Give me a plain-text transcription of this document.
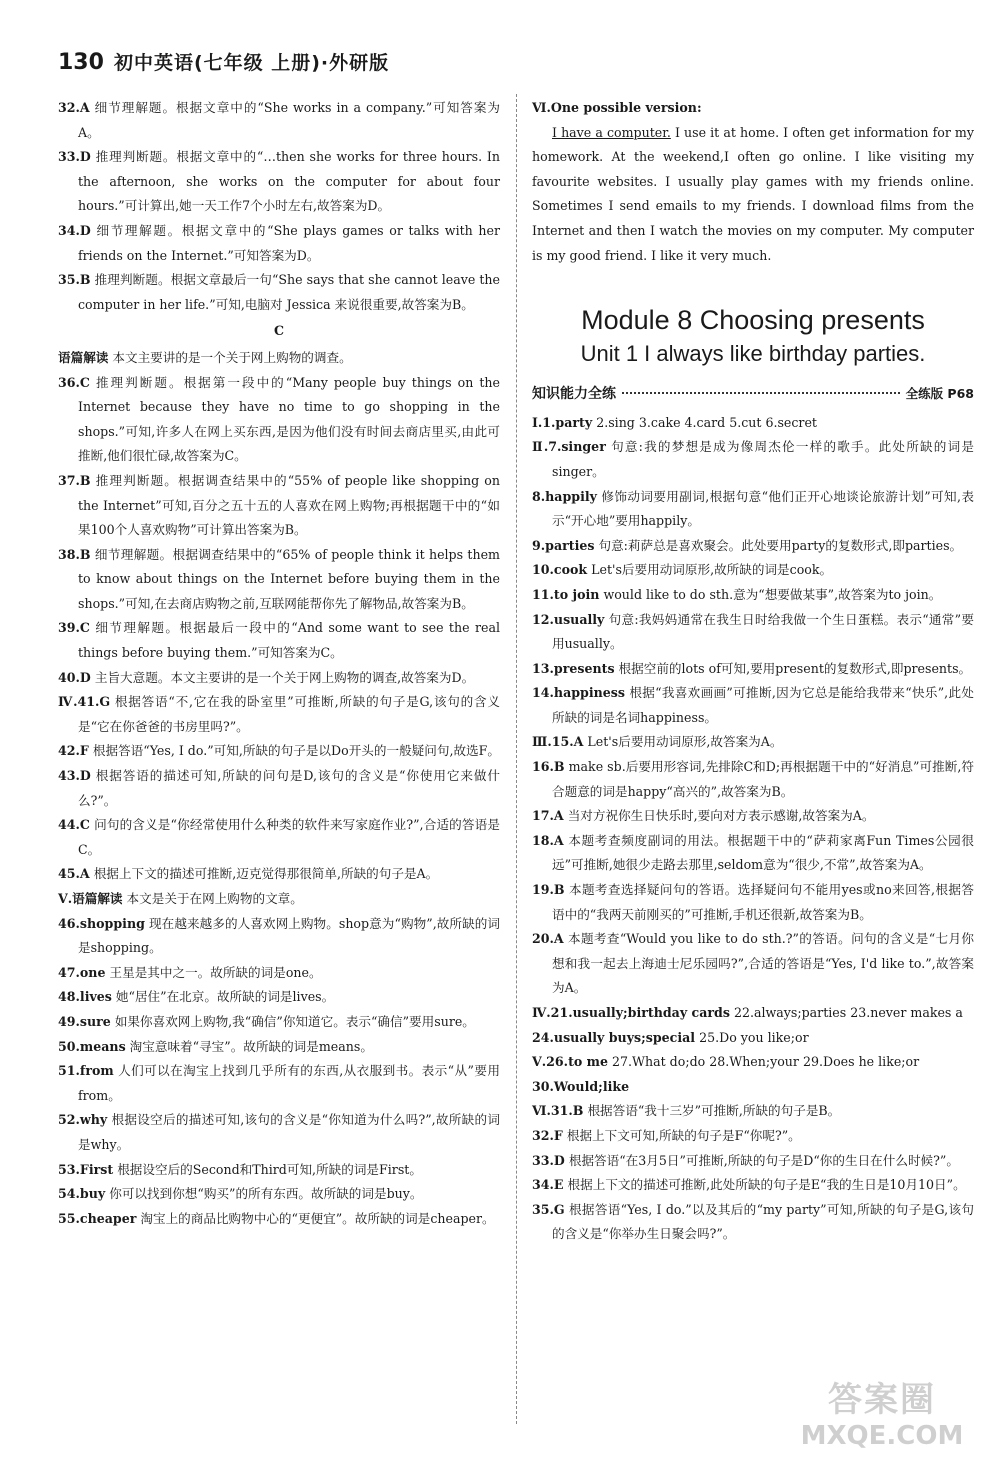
130 初中英语(七年级 上册)·外研版
32.A 细节理解题。根据文章中的“She works in a company.”可知答案为A。
33.D 推理判断题。根据文章中的“…then she works for three hours. In the afternoon, she works on the computer for about four hours.”可计算出,她一天工作7个小时左右,故答案为D。
34.D 细节理解题。根据文章中的“She plays games or talks with her friends on the Internet.”可知答案为D。
35.B 推理判断题。根据文章最后一句“She says that she cannot leave the computer in her life.”可知,电脑对 Jessica 来说很重要,故答案为B。
C
语篇解读 本文主要讲的是一个关于网上购物的调查。
36.C 推理判断题。根据第一段中的“Many people buy things on the Internet because they have no time to go shopping in the shops.”可知,许多人在网上买东西,是因为他们没有时间去商店里买,由此可推断,他们很忙碌,故答案为C。
37.B 推理判断题。根据调查结果中的“55% of people like shopping on the Internet”可知,百分之五十五的人喜欢在网上购物;再根据题干中的“如果100个人喜欢购物”可计算出答案为B。
38.B 细节理解题。根据调查结果中的“65% of people think it helps them to know about things on the Internet before buying them in the shops.”可知,在去商店购物之前,互联网能帮你先了解物品,故答案为B。
39.C 细节理解题。根据最后一段中的“And some want to see the real things before buying them.”可知答案为C。
40.D 主旨大意题。本文主要讲的是一个关于网上购物的调查,故答案为D。
Ⅳ.41.G 根据答语“不,它在我的卧室里”可推断,所缺的句子是G,该句的含义是“它在你爸爸的书房里吗?”。
42.F 根据答语“Yes, I do.”可知,所缺的句子是以Do开头的一般疑问句,故选F。
43.D 根据答语的描述可知,所缺的问句是D,该句的含义是“你使用它来做什么?”。
44.C 问句的含义是“你经常使用什么种类的软件来写家庭作业?”,合适的答语是C。
45.A 根据上下文的描述可推断,迈克觉得那很简单,所缺的句子是A。
Ⅴ.语篇解读 本文是关于在网上购物的文章。
46.shopping 现在越来越多的人喜欢网上购物。shop意为“购物”,故所缺的词是shopping。
47.one 王星是其中之一。故所缺的词是one。
48.lives 她“居住”在北京。故所缺的词是lives。
49.sure 如果你喜欢网上购物,我“确信”你知道它。表示“确信”要用sure。
50.means 淘宝意味着“寻宝”。故所缺的词是means。
51.from 人们可以在淘宝上找到几乎所有的东西,从衣服到书。表示“从”要用from。
52.why 根据设空后的描述可知,该句的含义是“你知道为什么吗?”,故所缺的词是why。
53.First 根据设空后的Second和Third可知,所缺的词是First。
54.buy 你可以找到你想“购买”的所有东西。故所缺的词是buy。
55.cheaper 淘宝上的商品比购物中心的“更便宜”。故所缺的词是cheaper。
Ⅵ.One possible version:
I have a computer. I use it at home. I often get information for my homework. At the weekend,I often go online. I like visiting my favourite websites. I usually play games with my friends online. Sometimes I send emails to my friends. I download films from the Internet and then I watch the movies on my computer. My computer is my good friend. I like it very much.
Module 8 Choosing presents
Unit 1 I always like birthday parties.
知识能力全练	全练版 P68
Ⅰ.1.party 2.sing 3.cake 4.card 5.cut 6.secret
Ⅱ.7.singer 句意:我的梦想是成为像周杰伦一样的歌手。此处所缺的词是singer。
8.happily 修饰动词要用副词,根据句意“他们正开心地谈论旅游计划”可知,表示“开心地”要用happily。
9.parties 句意:莉萨总是喜欢聚会。此处要用party的复数形式,即parties。
10.cook Let's后要用动词原形,故所缺的词是cook。
11.to join would like to do sth.意为“想要做某事”,故答案为to join。
12.usually 句意:我妈妈通常在我生日时给我做一个生日蛋糕。表示“通常”要用usually。
13.presents 根据空前的lots of可知,要用present的复数形式,即presents。
14.happiness 根据“我喜欢画画”可推断,因为它总是能给我带来“快乐”,此处所缺的词是名词happiness。
Ⅲ.15.A Let's后要用动词原形,故答案为A。
16.B make sb.后要用形容词,先排除C和D;再根据题干中的“好消息”可推断,符合题意的词是happy“高兴的”,故答案为B。
17.A 当对方祝你生日快乐时,要向对方表示感谢,故答案为A。
18.A 本题考查频度副词的用法。根据题干中的“萨莉家离Fun Times公园很远”可推断,她很少走路去那里,seldom意为“很少,不常”,故答案为A。
19.B 本题考查选择疑问句的答语。选择疑问句不能用yes或no来回答,根据答语中的“我两天前刚买的”可推断,手机还很新,故答案为B。
20.A 本题考查“Would you like to do sth.?”的答语。问句的含义是“七月你想和我一起去上海迪士尼乐园吗?”,合适的答语是“Yes, I'd like to.”,故答案为A。
Ⅳ.21.usually;birthday cards 22.always;parties 23.never makes a
24.usually buys;special 25.Do you like;or
Ⅴ.26.to me 27.What do;do 28.When;your 29.Does he like;or
30.Would;like
Ⅵ.31.B 根据答语“我十三岁”可推断,所缺的句子是B。
32.F 根据上下文可知,所缺的句子是F“你呢?”。
33.D 根据答语“在3月5日”可推断,所缺的句子是D“你的生日在什么时候?”。
34.E 根据上下文的描述可推断,此处所缺的句子是E“我的生日是10月10日”。
35.G 根据答语“Yes, I do.”以及其后的“my party”可知,所缺的句子是G,该句的含义是“你举办生日聚会吗?”。
答案圈
MXQE.COM
